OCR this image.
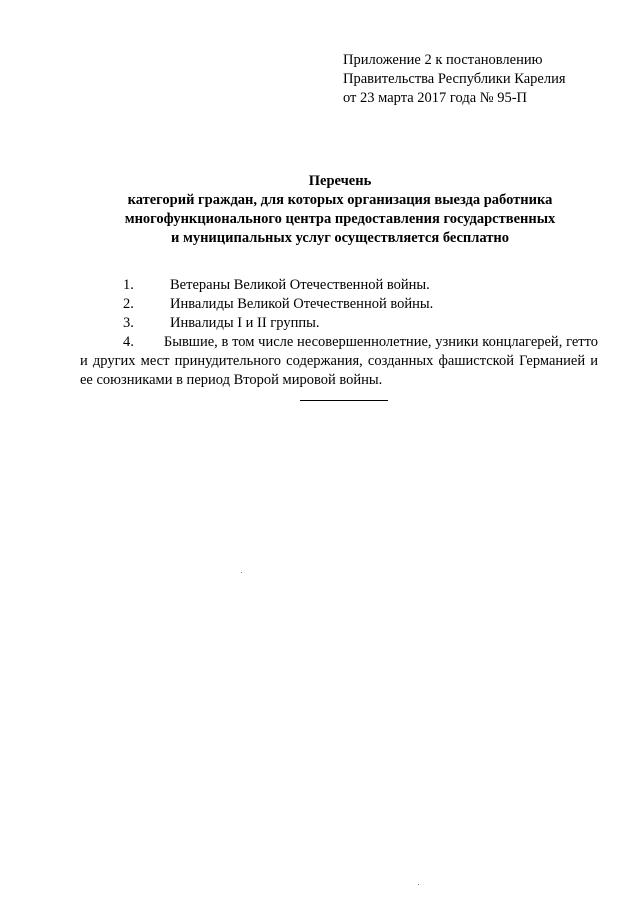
Приложение 2 к постановлению
Правительства Республики Карелия
от 23 марта 2017 года № 95-П
Перечень
категорий граждан, для которых организация выезда работника
многофункционального центра предоставления государственных
и муниципальных услуг осуществляется бесплатно
1. Ветераны Великой Отечественной войны.
2. Инвалиды Великой Отечественной войны.
3. Инвалиды I и II группы.
4. Бывшие, в том числе несовершеннолетние, узники концлагерей, гетто и других мест принудительного содержания, созданных фашистской Германией и ее союзниками в период Второй мировой войны.
